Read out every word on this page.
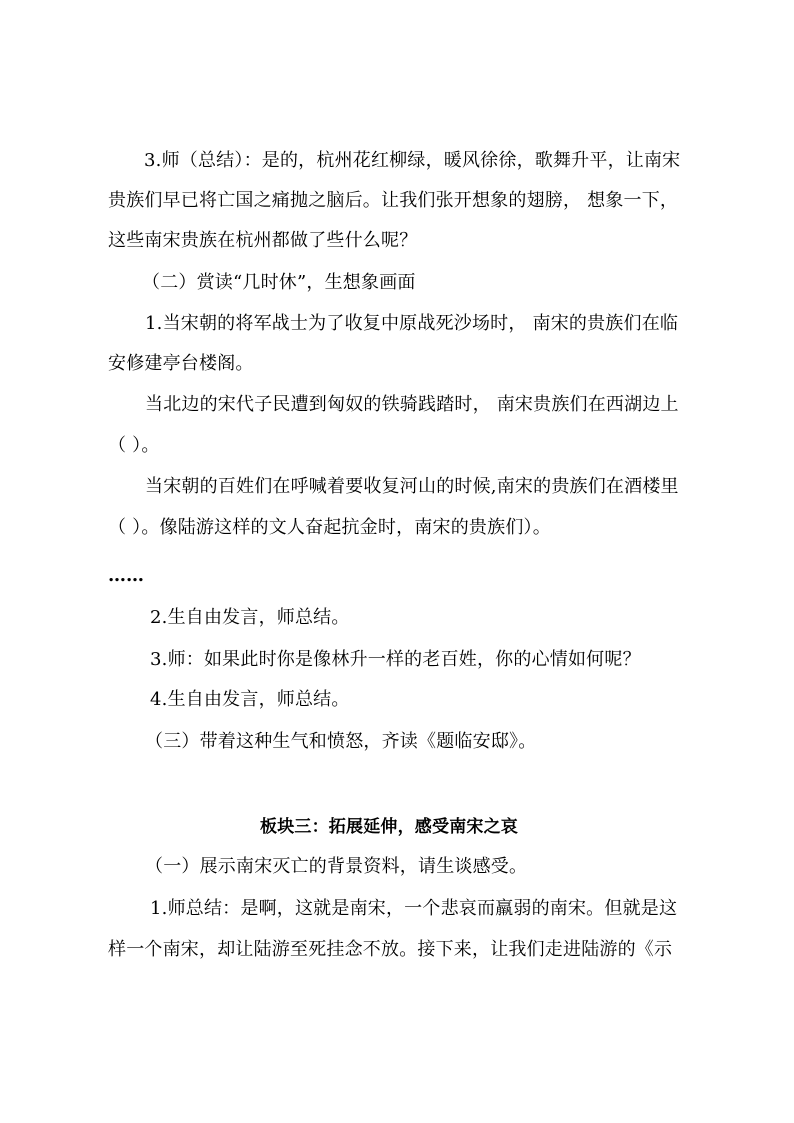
3.师（总结）：是的，杭州花红柳绿，暖风徐徐，歌舞升平，让南宋
贵族们早已将亡国之痛抛之脑后。让我们张开想象的翅膀， 想象一下，
这些南宋贵族在杭州都做了些什么呢？
（二）赏读“几时休”，生想象画面
1.当宋朝的将军战士为了收复中原战死沙场时， 南宋的贵族们在临
安修建亭台楼阁。
当北边的宋代子民遭到匈奴的铁骑践踏时， 南宋贵族们在西湖边上
（ ）。
当宋朝的百姓们在呼喊着要收复河山的时候,南宋的贵族们在酒楼里
（ ）。像陆游这样的文人奋起抗金时，南宋的贵族们）。
……
2.生自由发言，师总结。
3.师：如果此时你是像林升一样的老百姓，你的心情如何呢？
4.生自由发言，师总结。
（三）带着这种生气和愤怒，齐读《题临安邸》。
板块三：拓展延伸，感受南宋之哀
（一）展示南宋灭亡的背景资料，请生谈感受。
1.师总结：是啊，这就是南宋，一个悲哀而羸弱的南宋。但就是这
样一个南宋，却让陆游至死挂念不放。接下来，让我们走进陆游的《示
